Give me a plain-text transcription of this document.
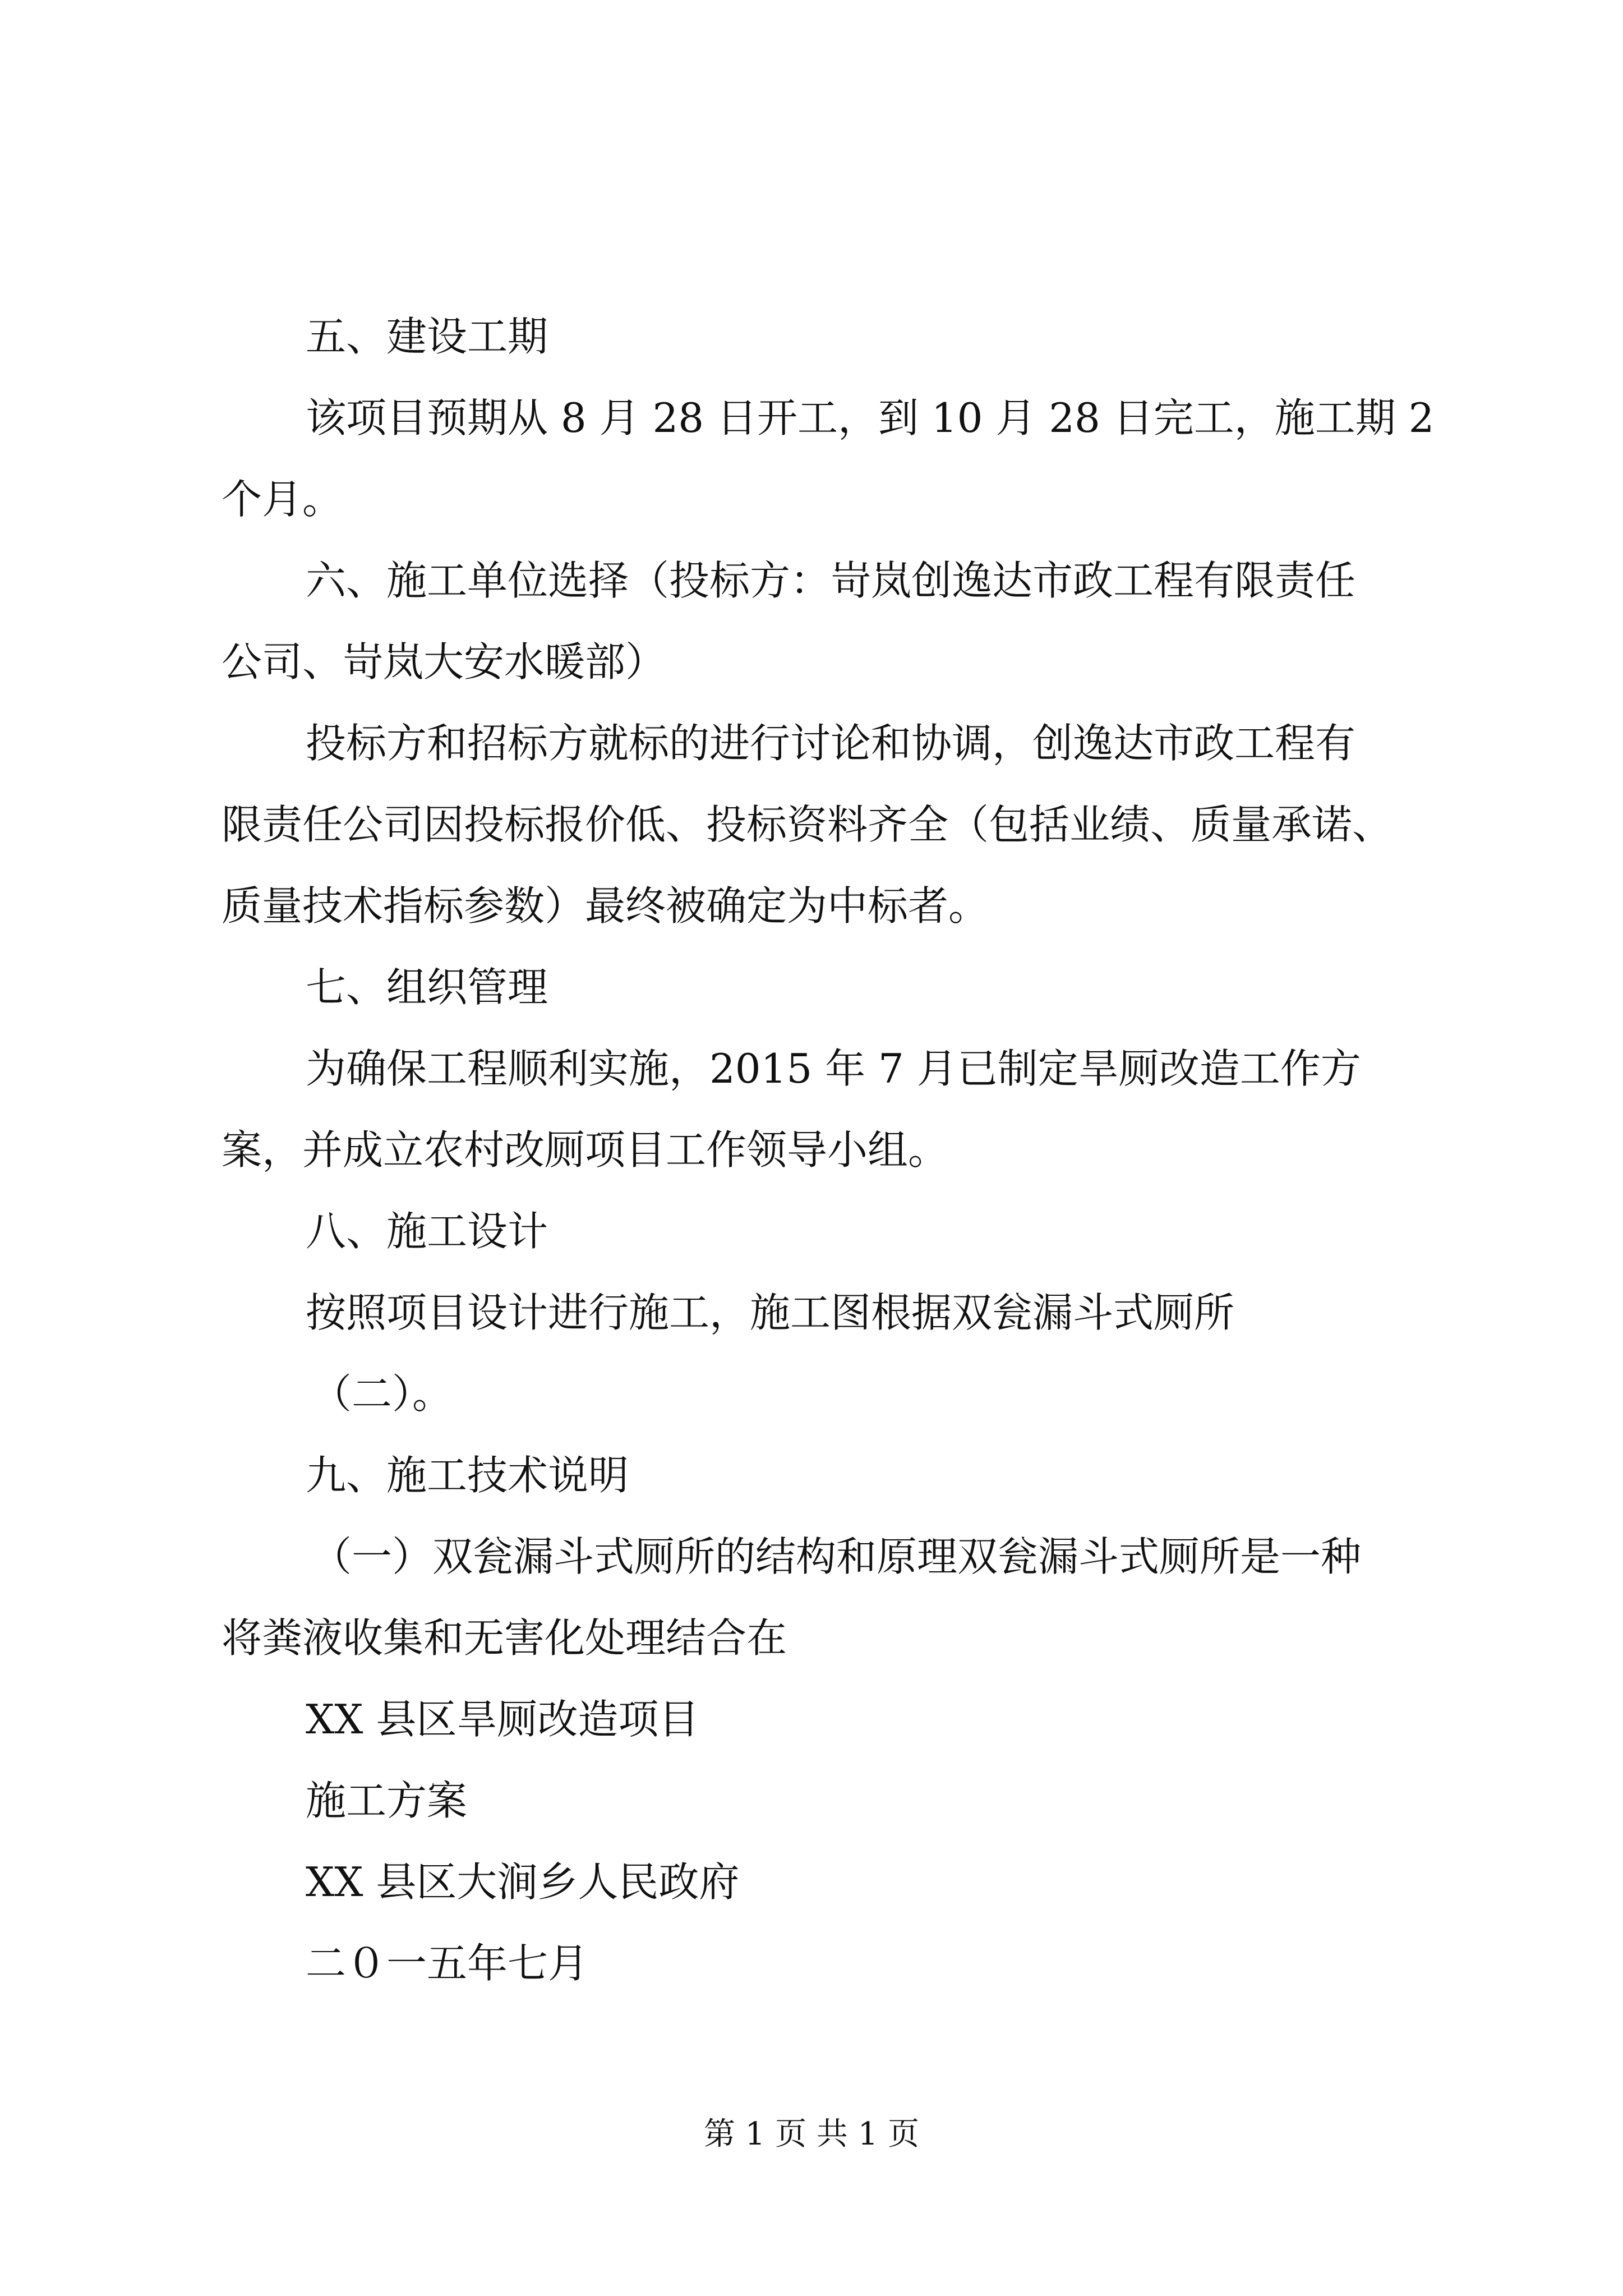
五、建设工期
该项目预期从 8 月 28 日开工，到 10 月 28 日完工，施工期 2
个月。
六、施工单位选择（投标方：岢岚创逸达市政工程有限责任
公司、岢岚大安水暖部）
投标方和招标方就标的进行讨论和协调，创逸达市政工程有
限责任公司因投标报价低、投标资料齐全（包括业绩、质量承诺、
质量技术指标参数）最终被确定为中标者。
七、组织管理
为确保工程顺利实施，2015 年 7 月已制定旱厕改造工作方
案，并成立农村改厕项目工作领导小组。
八、施工设计
按照项目设计进行施工，施工图根据双瓮漏斗式厕所
（二）。
九、施工技术说明
（一）双瓮漏斗式厕所的结构和原理双瓮漏斗式厕所是一种
将粪液收集和无害化处理结合在
XX 县区旱厕改造项目
施工方案
XX 县区大涧乡人民政府
二０一五年七月
第 1 页 共 1 页
